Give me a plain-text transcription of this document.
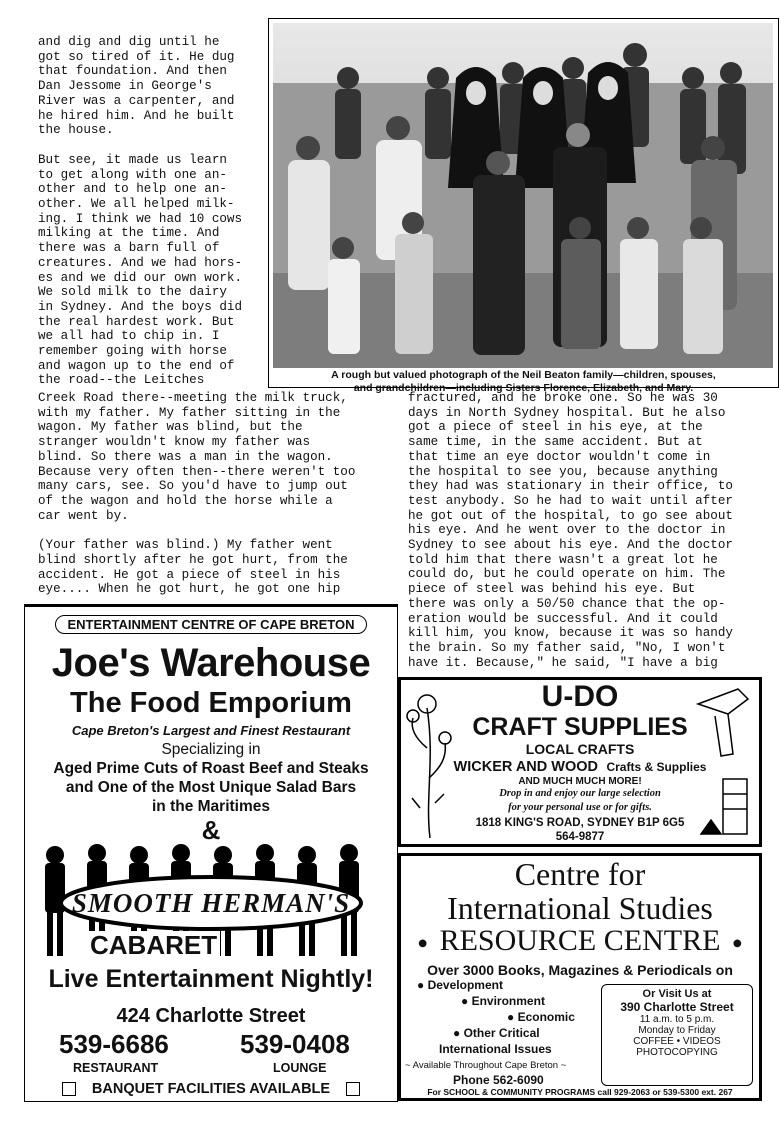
and dig and dig until he
got so tired of it. He dug
that foundation. And then
Dan Jessome in George's
River was a carpenter, and
he hired him. And he built
the house.

But see, it made us learn
to get along with one an-
other and to help one an-
other. We all helped milk-
ing. I think we had 10 cows
milking at the time. And
there was a barn full of
creatures. And we had hors-
es and we did our own work.
We sold milk to the dairy
in Sydney. And the boys did
the real hardest work. But
we all had to chip in. I
remember going with horse
and wagon up to the end of
the road--the Leitches

Creek Road there--meeting the milk truck,
with my father. My father sitting in the
wagon. My father was blind, but the
stranger wouldn't know my father was
blind. So there was a man in the wagon.
Because very often then--there weren't too
many cars, see. So you'd have to jump out
of the wagon and hold the horse while a
car went by.

(Your father was blind.) My father went
blind shortly after he got hurt, from the
accident. He got a piece of steel in his
eye.... When he got hurt, he got one hip

fractured, and he broke one. So he was 30
days in North Sydney hospital. But he also
got a piece of steel in his eye, at the
same time, in the same accident. But at
that time an eye doctor wouldn't come in
the hospital to see you, because anything
they had was stationary in their office, to
test anybody. So he had to wait until after
he got out of the hospital, to go see about
his eye. And he went over to the doctor in
Sydney to see about his eye. And the doctor
told him that there wasn't a great lot he
could do, but he could operate on him. The
piece of steel was behind his eye. But
there was only a 50/50 chance that the op-
eration would be successful. And it could
kill him, you know, because it was so handy
the brain. So my father said, "No, I won't
have it. Because," he said, "I have a big

A rough but valued photograph of the Neil Beaton family—children, spouses,
and grandchildren—including Sisters Florence, Elizabeth, and Mary.
ENTERTAINMENT CENTRE OF CAPE BRETON
Joe's Warehouse
The Food Emporium
Cape Breton's Largest and Finest Restaurant
Specializing in
Aged Prime Cuts of Roast Beef and Steaks
and One of the Most Unique Salad Bars
in the Maritimes
&
SMOOTH HERMAN'S
CABARET
Live Entertainment Nightly!
424 Charlotte Street
539-6686	539-0408
RESTAURANT	LOUNGE
BANQUET FACILITIES AVAILABLE
U-DO
CRAFT SUPPLIES
LOCAL CRAFTS
WICKER AND WOOD Crafts & Supplies
AND MUCH MUCH MORE!
Drop in and enjoy our large selection
for your personal use or for gifts.
1818 KING'S ROAD, SYDNEY B1P 6G5
564-9877
Centre for
International Studies
● RESOURCE CENTRE ●
Over 3000 Books, Magazines & Periodicals on
● Development
● Environment
● Economic
● Other Critical
International Issues
~ Available Throughout Cape Breton ~
Phone 562-6090
Or Visit Us at
390 Charlotte Street
11 a.m. to 5 p.m.
Monday to Friday
COFFEE • VIDEOS
PHOTOCOPYING
For SCHOOL & COMMUNITY PROGRAMS call 929-2063 or 539-5300 ext. 267
